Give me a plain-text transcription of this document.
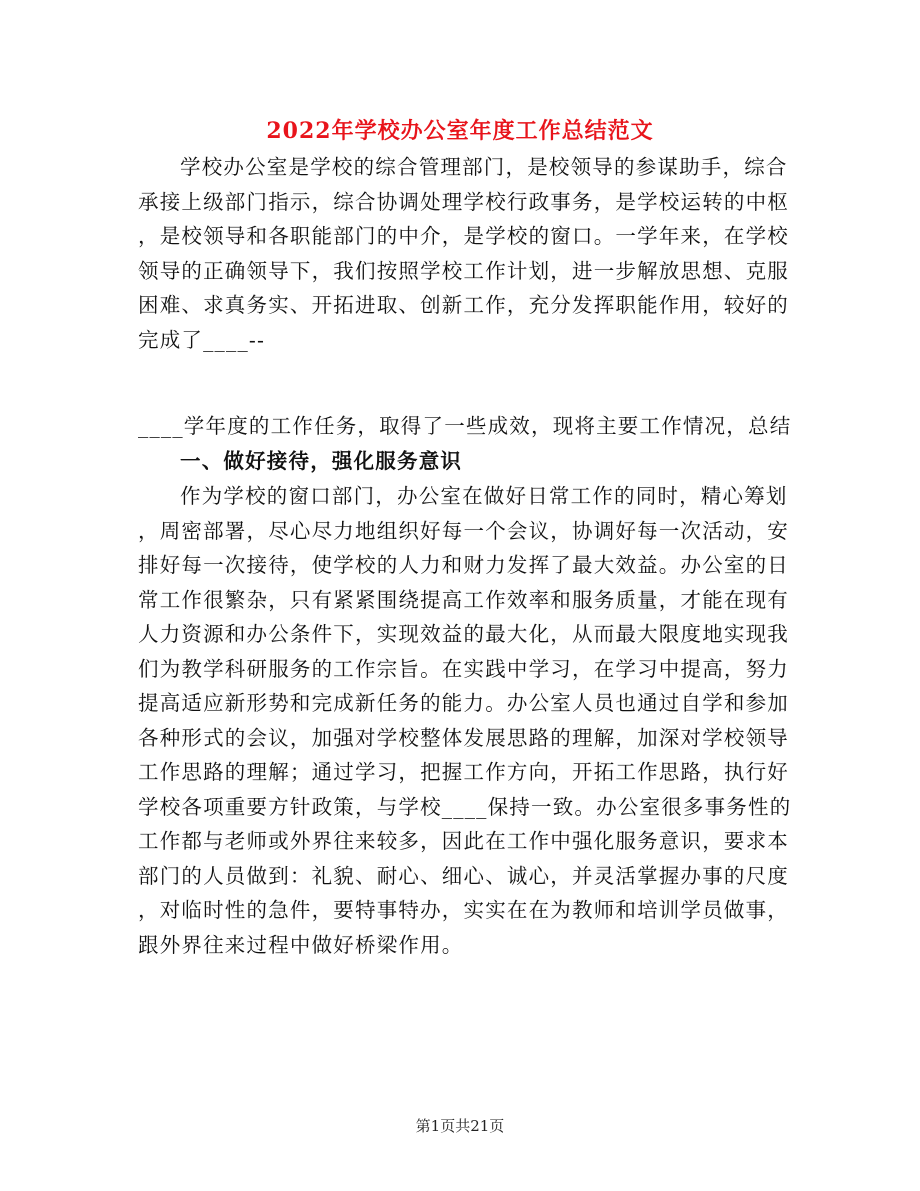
2022年学校办公室年度工作总结范文
学校办公室是学校的综合管理部门，是校领导的参谋助手，综合
承接上级部门指示，综合协调处理学校行政事务，是学校运转的中枢
，是校领导和各职能部门的中介，是学校的窗口。一学年来，在学校
领导的正确领导下，我们按照学校工作计划，进一步解放思想、克服
困难、求真务实、开拓进取、创新工作，充分发挥职能作用，较好的
完成了____--
____学年度的工作任务，取得了一些成效，现将主要工作情况，总结
一、做好接待，强化服务意识
作为学校的窗口部门，办公室在做好日常工作的同时，精心筹划
，周密部署，尽心尽力地组织好每一个会议，协调好每一次活动，安
排好每一次接待，使学校的人力和财力发挥了最大效益。办公室的日
常工作很繁杂，只有紧紧围绕提高工作效率和服务质量，才能在现有
人力资源和办公条件下，实现效益的最大化，从而最大限度地实现我
们为教学科研服务的工作宗旨。在实践中学习，在学习中提高，努力
提高适应新形势和完成新任务的能力。办公室人员也通过自学和参加
各种形式的会议，加强对学校整体发展思路的理解，加深对学校领导
工作思路的理解；通过学习，把握工作方向，开拓工作思路，执行好
学校各项重要方针政策，与学校____保持一致。办公室很多事务性的
工作都与老师或外界往来较多，因此在工作中强化服务意识，要求本
部门的人员做到：礼貌、耐心、细心、诚心，并灵活掌握办事的尺度
，对临时性的急件，要特事特办，实实在在为教师和培训学员做事，
跟外界往来过程中做好桥梁作用。
第1页共21页
